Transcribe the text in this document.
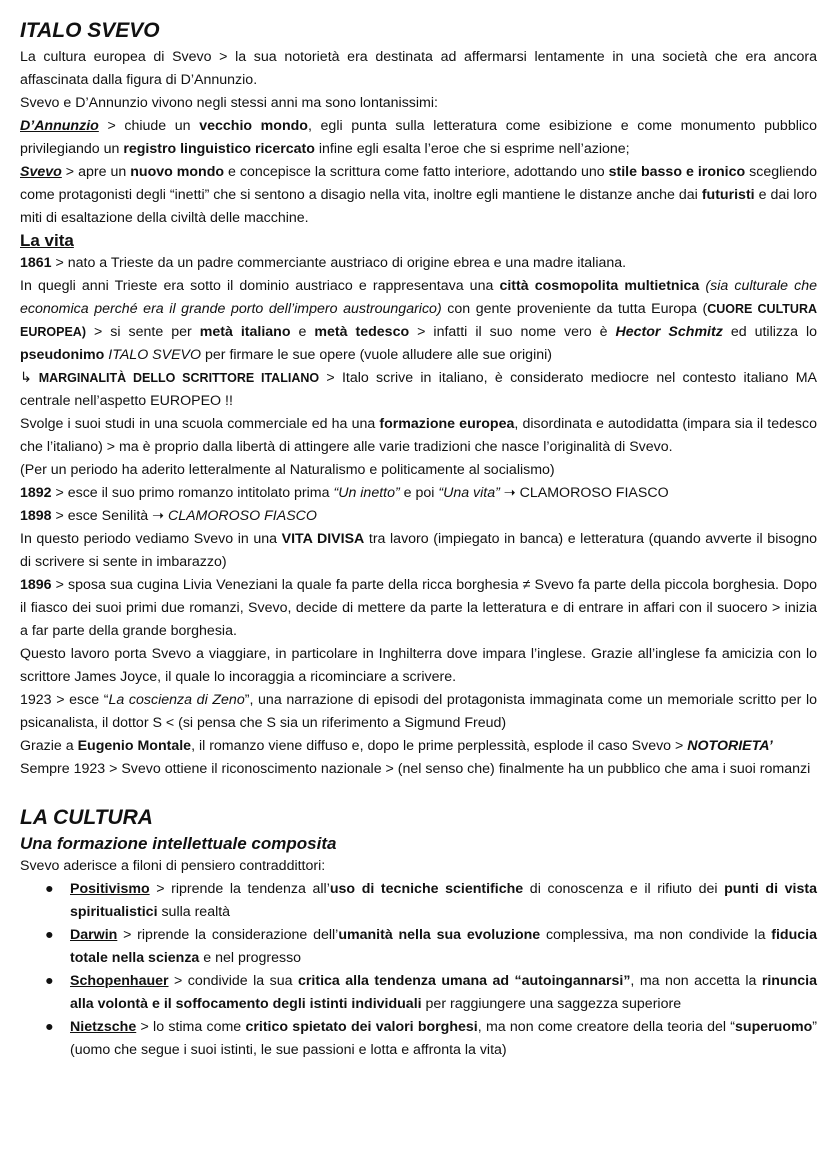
ITALO SVEVO

La cultura europea di Svevo > la sua notorietà era destinata ad affermarsi lentamente in una società che era ancora affascinata dalla figura di D’Annunzio.

Svevo e D’Annunzio vivono negli stessi anni ma sono lontanissimi:

D’Annunzio > chiude un vecchio mondo, egli punta sulla letteratura come esibizione e come monumento pubblico privilegiando un registro linguistico ricercato infine egli esalta l’eroe che si esprime nell’azione;

Svevo > apre un nuovo mondo e concepisce la scrittura come fatto interiore, adottando uno stile basso e ironico scegliendo come protagonisti degli “inetti” che si sentono a disagio nella vita, inoltre egli mantiene le distanze anche dai futuristi e dai loro miti di esaltazione della civiltà delle macchine.

La vita

1861 > nato a Trieste da un padre commerciante austriaco di origine ebrea e una madre italiana.

In quegli anni Trieste era sotto il dominio austriaco e rappresentava una città cosmopolita multietnica (sia culturale che economica perché era il grande porto dell’impero austroungarico) con gente proveniente da tutta Europa (CUORE CULTURA EUROPEA) > si sente per metà italiano e metà tedesco > infatti il suo nome vero è Hector Schmitz ed utilizza lo pseudonimo ITALO SVEVO per firmare le sue opere (vuole alludere alle sue origini)

↳ MARGINALITÀ DELLO SCRITTORE ITALIANO > Italo scrive in italiano, è considerato mediocre nel contesto italiano MA centrale nell’aspetto EUROPEO !!

Svolge i suoi studi in una scuola commerciale ed ha una formazione europea, disordinata e autodidatta (impara sia il tedesco che l’italiano) > ma è proprio dalla libertà di attingere alle varie tradizioni che nasce l’originalità di Svevo.

(Per un periodo ha aderito letteralmente al Naturalismo e politicamente al socialismo)

1892 > esce il suo primo romanzo intitolato prima “Un inetto” e poi “Una vita” ➝ CLAMOROSO FIASCO

1898 > esce Senilità ➝ CLAMOROSO FIASCO

In questo periodo vediamo Svevo in una VITA DIVISA tra lavoro (impiegato in banca) e letteratura (quando avverte il bisogno di scrivere si sente in imbarazzo)

1896 > sposa sua cugina Livia Veneziani la quale fa parte della ricca borghesia ≠ Svevo fa parte della piccola borghesia. Dopo il fiasco dei suoi primi due romanzi, Svevo, decide di mettere da parte la letteratura e di entrare in affari con il suocero > inizia a far parte della grande borghesia.

Questo lavoro porta Svevo a viaggiare, in particolare in Inghilterra dove impara l’inglese. Grazie all’inglese fa amicizia con lo scrittore James Joyce, il quale lo incoraggia a ricominciare a scrivere.

1923 > esce “La coscienza di Zeno”, una narrazione di episodi del protagonista immaginata come un memoriale scritto per lo psicanalista, il dottor S < (si pensa che S sia un riferimento a Sigmund Freud)

Grazie a Eugenio Montale, il romanzo viene diffuso e, dopo le prime perplessità, esplode il caso Svevo > NOTORIETA’

Sempre 1923 > Svevo ottiene il riconoscimento nazionale > (nel senso che) finalmente ha un pubblico che ama i suoi romanzi

LA CULTURA
Una formazione intellettuale composita

Svevo aderisce a filoni di pensiero contraddittori:

● Positivismo > riprende la tendenza all’uso di tecniche scientifiche di conoscenza e il rifiuto dei punti di vista spiritualistici sulla realtà
● Darwin > riprende la considerazione dell’umanità nella sua evoluzione complessiva, ma non condivide la fiducia totale nella scienza e nel progresso
● Schopenhauer > condivide la sua critica alla tendenza umana ad “autoingannarsi”, ma non accetta la rinuncia alla volontà e il soffocamento degli istinti individuali per raggiungere una saggezza superiore
● Nietzsche > lo stima come critico spietato dei valori borghesi, ma non come creatore della teoria del “superuomo” (uomo che segue i suoi istinti, le sue passioni e lotta e affronta la vita)
